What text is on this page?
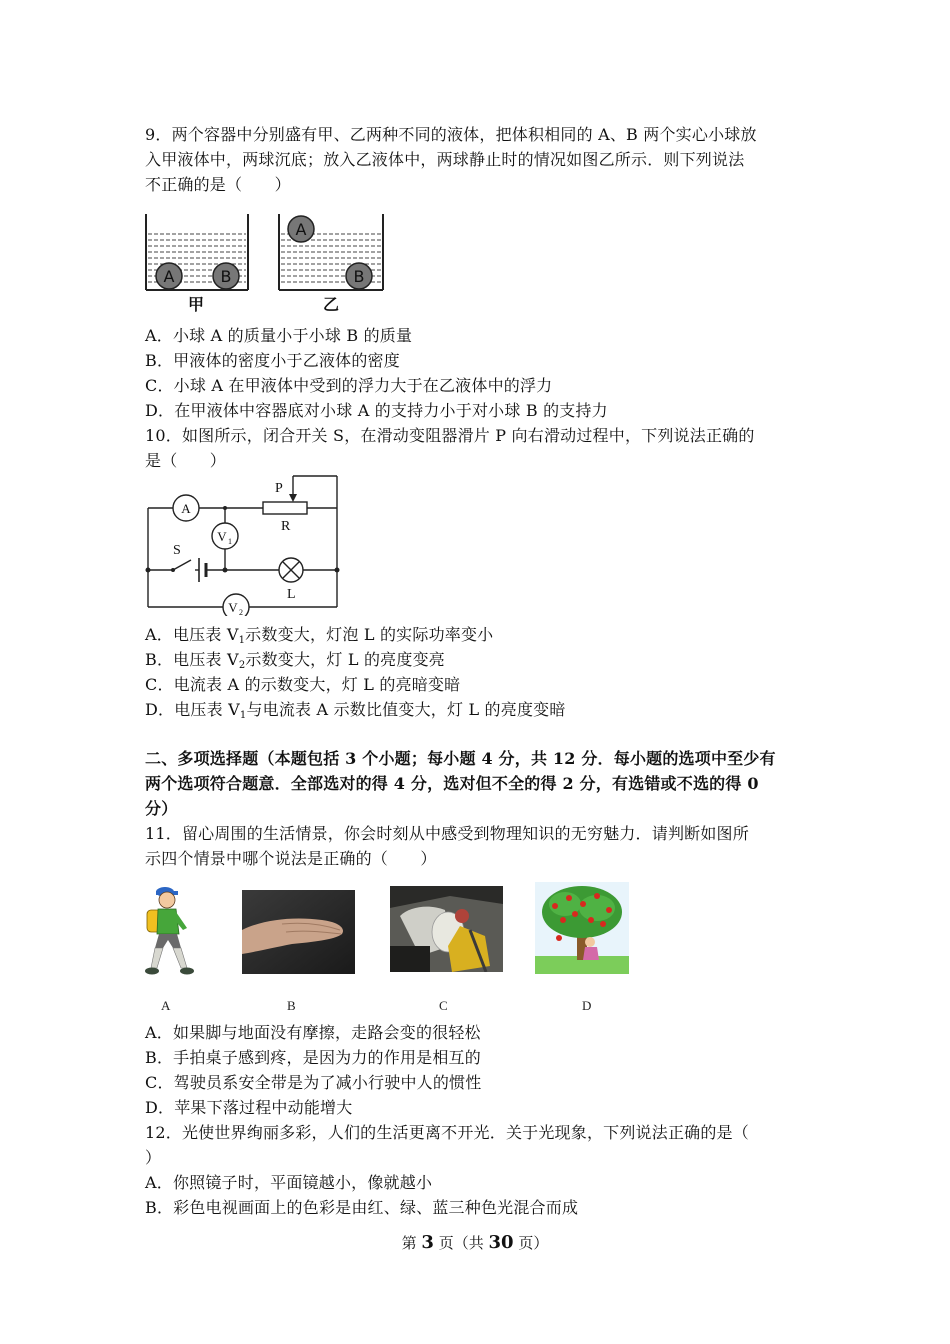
9．两个容器中分别盛有甲、乙两种不同的液体，把体积相同的 A、B 两个实心小球放
入甲液体中，两球沉底；放入乙液体中，两球静止时的情况如图乙所示．则下列说法
不正确的是（　　）
A	B
甲
A
B
乙
A．小球 A 的质量小于小球 B 的质量
B．甲液体的密度小于乙液体的密度
C．小球 A 在甲液体中受到的浮力大于在乙液体中的浮力
D．在甲液体中容器底对小球 A 的支持力小于对小球 B 的支持力
10．如图所示，闭合开关 S，在滑动变阻器滑片 P 向右滑动过程中，下列说法正确的
是（　　）
A
V 1
V 2
P
R
S
L
A．电压表 $V_1$示数变大，灯泡 L 的实际功率变小
B．电压表 $V_2$示数变大，灯 L 的亮度变亮
C．电流表 A 的示数变大，灯 L 的亮暗变暗
D．电压表 $V_1$与电流表 A 示数比值变大，灯 L 的亮度变暗
二、多项选择题（本题包括 3 个小题；每小题 4 分，共 12 分．每小题的选项中至少有
两个选项符合题意．全部选对的得 4 分，选对但不全的得 2 分，有选错或不选的得 0
分）
11．留心周围的生活情景，你会时刻从中感受到物理知识的无穷魅力．请判断如图所
示四个情景中哪个说法是正确的（　　）
A	B	C	D
A．如果脚与地面没有摩擦，走路会变的很轻松
B．手拍桌子感到疼，是因为力的作用是相互的
C．驾驶员系安全带是为了减小行驶中人的惯性
D．苹果下落过程中动能增大
12．光使世界绚丽多彩，人们的生活更离不开光．关于光现象，下列说法正确的是（
）
A．你照镜子时，平面镜越小，像就越小
B．彩色电视画面上的色彩是由红、绿、蓝三种色光混合而成
第 3 页（共 30 页）
